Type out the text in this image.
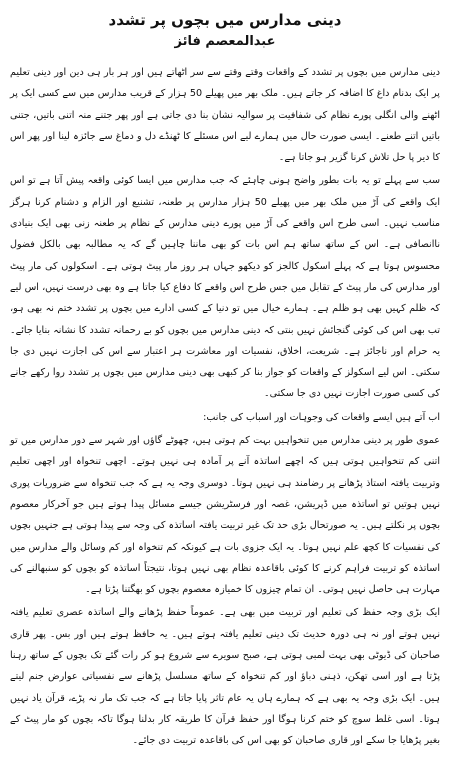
دینی مدارس میں بچوں پر تشدد
عبدالمعصم فائز

دینی مدارس میں بچوں پر تشدد کے واقعات وقتے وقتے سے سر اٹھاتے ہیں اور ہر بار ہی دین اور دینی تعلیم پر ایک بدنام داغ کا اضافہ کر جاتے ہیں۔ ملک بھر میں پھیلے 50 ہزار کے قریب مدارس میں سے کسی ایک پر اٹھنے والی انگلی پورے نظام کی شفافیت پر سوالیہ نشان بنا دی جاتی ہے اور پھر جتنے منہ اتنی باتیں، جتنی باتیں اتنے طعنے۔ ایسی صورت حال میں ہمارے لیے اس مسئلے کا ٹھنڈے دل و دماغ سے جائزہ لینا اور پھر اس کا دیر پا حل تلاش کرنا گزیر ہو جاتا ہے۔

سب سے پہلے تو یہ بات بطور واضح ہونی چاہئے کہ جب مدارس میں ایسا کوئی واقعہ پیش آتا ہے تو اس ایک واقعے کی آڑ میں ملک بھر میں پھیلے 50 ہزار مدارس پر طعنہ، تشنیع اور الزام و دشنام کرنا ہرگز مناسب نہیں۔ اسی طرح اس واقعے کی آڑ میں پورے دینی مدارس کے نظام پر طعنہ زنی بھی ایک بنیادی ناانصافی ہے۔ اس کے ساتھ ساتھ ہم اس بات کو بھی ماننا چاہیں گے کہ یہ مطالبہ بھی بالکل فضول محسوس ہوتا ہے کہ پہلے اسکول کالجز کو دیکھو جہاں ہر روز مار پیٹ ہوتی ہے۔ اسکولوں کی مار پیٹ اور مدارس کی مار پیٹ کے تقابل میں جس طرح اس واقعے کا دفاع کیا جاتا ہے وہ بھی درست نہیں، اس لیے کہ ظلم کہیں بھی ہو ظلم ہے۔ ہمارے خیال میں تو دنیا کے کسی ادارے میں بچوں پر تشدد ختم نہ بھی ہو، تب بھی اس کی کوئی گنجائش نہیں بنتی کہ دینی مدارس میں بچوں کو بے رحمانہ تشدد کا نشانہ بنایا جائے۔ یہ حرام اور ناجائز ہے۔ شریعت، اخلاق، نفسیات اور معاشرت ہر اعتبار سے اس کی اجازت نہیں دی جا سکتی۔ اس لیے اسکولز کے واقعات کو جواز بنا کر کبھی بھی دینی مدارس میں بچوں پر تشدد روا رکھے جانے کی کسی صورت اجازت نہیں دی جا سکتی۔

اب آتے ہیں ایسے واقعات کی وجوہات اور اسباب کی جانب:

عموی طور پر دینی مدارس میں تنخواہیں بہت کم ہوتی ہیں، چھوٹے گاؤں اور شہر سے دور مدارس میں تو اتنی کم تنخواہیں ہوتی ہیں کہ اچھے اساتذہ آنے پر آمادہ ہی نہیں ہوتے۔ اچھی تنخواہ اور اچھی تعلیم وتربیت یافتہ استاذ پڑھانے پر رضامند ہی نہیں ہوتا۔ دوسری وجہ یہ ہے کہ جب تنخواہ سے ضروریات پوری نہیں ہوتیں تو اساتذہ میں ڈپریشن، غصہ اور فرسٹریشن جیسے مسائل پیدا ہوتے ہیں جو آخرکار معصوم بچوں پر نکلتے ہیں۔ یہ صورتحال بڑی حد تک غیر تربیت یافتہ اساتذہ کی وجہ سے پیدا ہوتی ہے جنہیں بچوں کی نفسیات کا کچھ علم نہیں ہوتا۔ یہ ایک جزوی بات ہے کیونکہ کم تنخواہ اور کم وسائل والے مدارس میں اساتذہ کو تربیت فراہم کرنے کا کوئی باقاعدہ نظام بھی نہیں ہوتا، نتیجتاً اساتذہ کو بچوں کو سنبھالنے کی مہارت ہی حاصل نہیں ہوتی۔ ان تمام چیزوں کا خمیازہ معصوم بچوں کو بھگتنا پڑتا ہے۔

ایک بڑی وجہ حفظ کی تعلیم اور تربیت میں بھی ہے۔ عموماً حفظ پڑھانے والے اساتذہ عصری تعلیم یافتہ نہیں ہوتے اور نہ ہی دورہ حدیث تک دینی تعلیم یافتہ ہوتے ہیں۔ یہ حافظ ہوتے ہیں اور بس۔ پھر قاری صاحبان کی ڈیوٹی بھی بہت لمبی ہوتی ہے، صبح سویرے سے شروع ہو کر رات گئے تک بچوں کے ساتھ رہنا پڑتا ہے اور اسی تھکن، ذہنی دباؤ اور کم تنخواہ کے ساتھ مسلسل پڑھانے سے نفسیاتی عوارض جنم لیتے ہیں۔ ایک بڑی وجہ یہ بھی ہے کہ ہمارے ہاں یہ عام تاثر پایا جاتا ہے کہ جب تک مار نہ پڑے، قرآن یاد نہیں ہوتا۔ اسی غلط سوچ کو ختم کرنا ہوگا اور حفظ قرآن کا طریقہ کار بدلنا ہوگا تاکہ بچوں کو مار پیٹ کے بغیر پڑھایا جا سکے اور قاری صاحبان کو بھی اس کی باقاعدہ تربیت دی جائے۔
